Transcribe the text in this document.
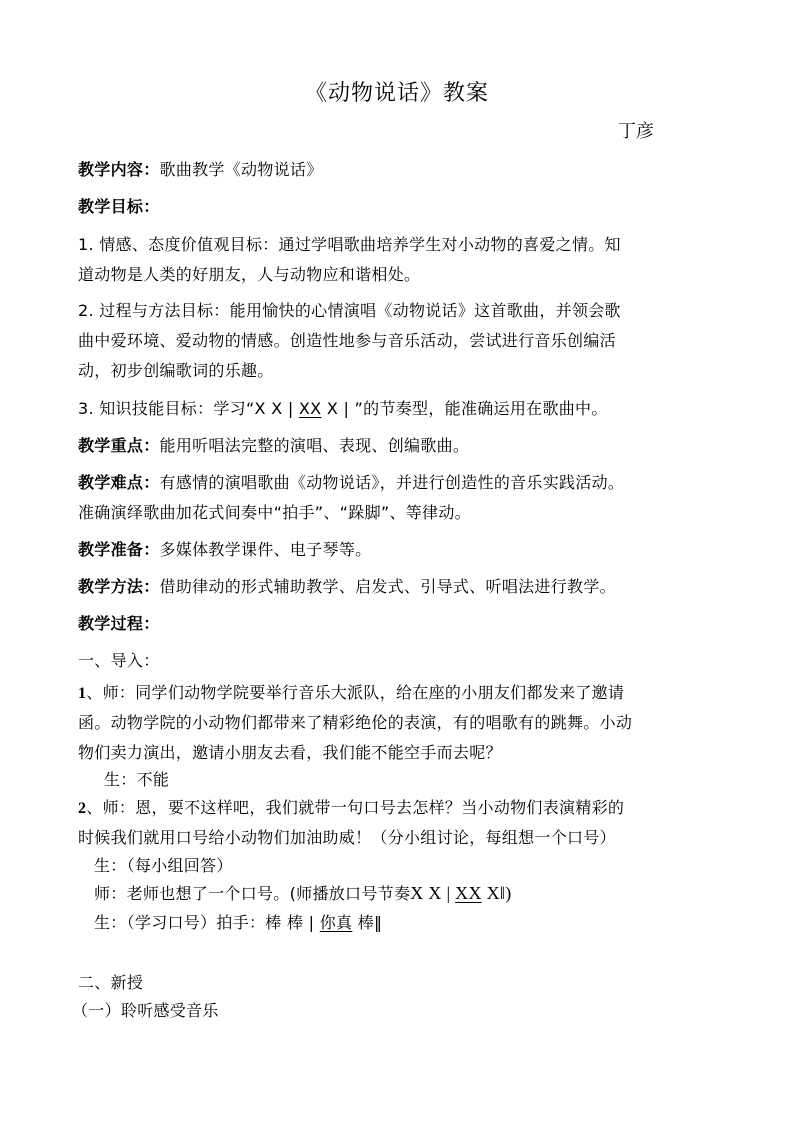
《动物说话》教案
丁彦
教学内容：歌曲教学《动物说话》
教学目标：
1. 情感、态度价值观目标：通过学唱歌曲培养学生对小动物的喜爱之情。知
道动物是人类的好朋友，人与动物应和谐相处。
2. 过程与方法目标：能用愉快的心情演唱《动物说话》这首歌曲，并领会歌
曲中爱环境、爱动物的情感。创造性地参与音乐活动，尝试进行音乐创编活
动，初步创编歌词的乐趣。
3. 知识技能目标：学习“X X | XX X | ”的节奏型，能准确运用在歌曲中。
教学重点：能用听唱法完整的演唱、表现、创编歌曲。
教学难点：有感情的演唱歌曲《动物说话》，并进行创造性的音乐实践活动。
准确演绎歌曲加花式间奏中“拍手”、“跺脚”、等律动。
教学准备：多媒体教学课件、电子琴等。
教学方法：借助律动的形式辅助教学、启发式、引导式、听唱法进行教学。
教学过程：
一、导入：
1、师：同学们动物学院要举行音乐大派队，给在座的小朋友们都发来了邀请
函。动物学院的小动物们都带来了精彩绝伦的表演，有的唱歌有的跳舞。小动
物们卖力演出，邀请小朋友去看，我们能不能空手而去呢？
生：不能
2、师：恩，要不这样吧，我们就带一句口号去怎样？当小动物们表演精彩的
时候我们就用口号给小动物们加油助威！（分小组讨论，每组想一个口号）
生：（每小组回答）
师：老师也想了一个口号。(师播放口号节奏X X | XX X‖)
生：（学习口号）拍手：棒 棒 | 你真 棒‖
二、新授
（一）聆听感受音乐
